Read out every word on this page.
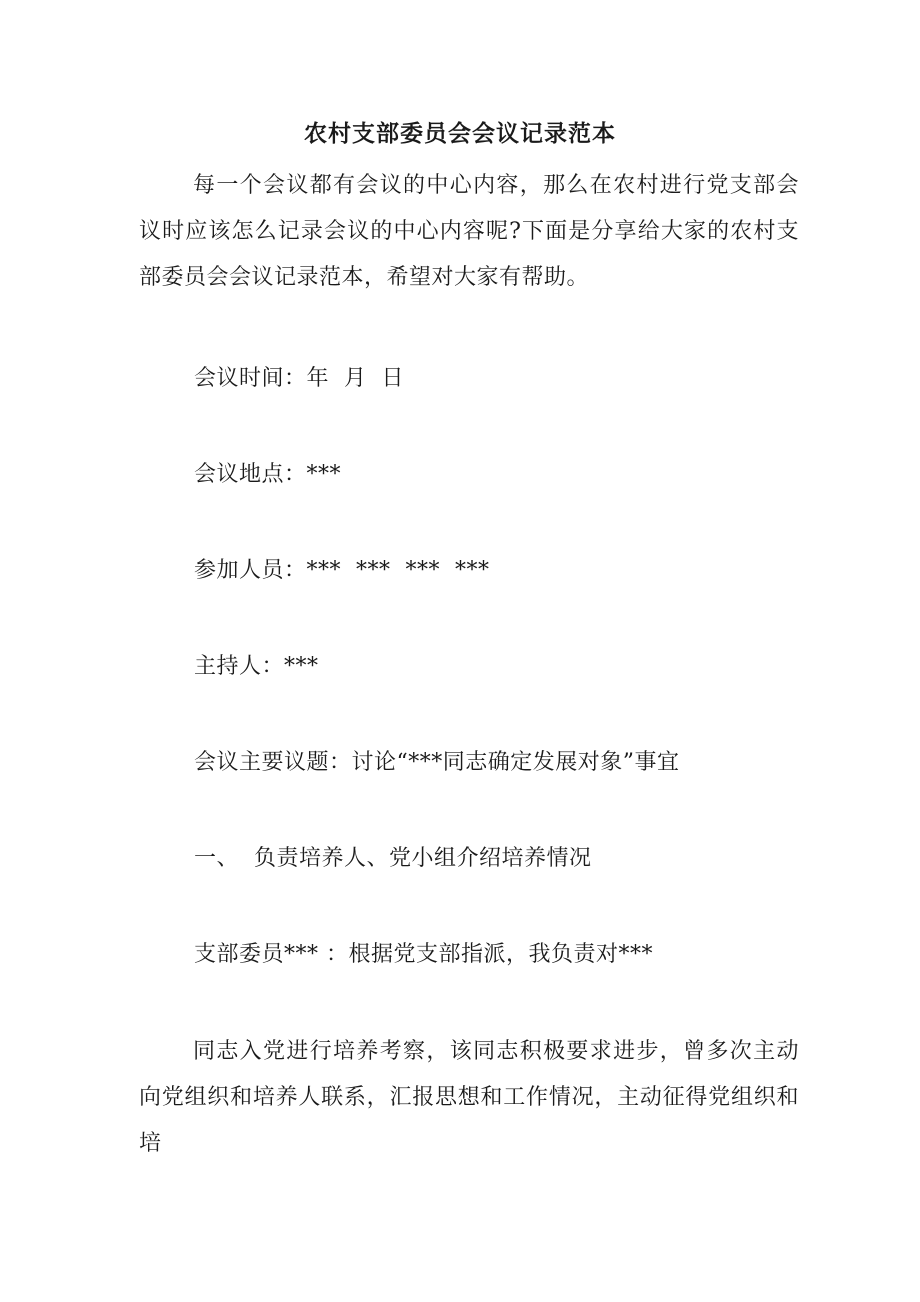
农村支部委员会会议记录范本
每一个会议都有会议的中心内容，那么在农村进行党支部会议时应该怎么记录会议的中心内容呢?下面是分享给大家的农村支部委员会会议记录范本，希望对大家有帮助。
会议时间：年  月  日
会议地点：***
参加人员：***  ***  ***  ***
主持人：***
会议主要议题：讨论“***同志确定发展对象”事宜
一、  负责培养人、党小组介绍培养情况
支部委员*** ：根据党支部指派，我负责对***
同志入党进行培养考察，该同志积极要求进步，曾多次主动向党组织和培养人联系，汇报思想和工作情况，主动征得党组织和培
